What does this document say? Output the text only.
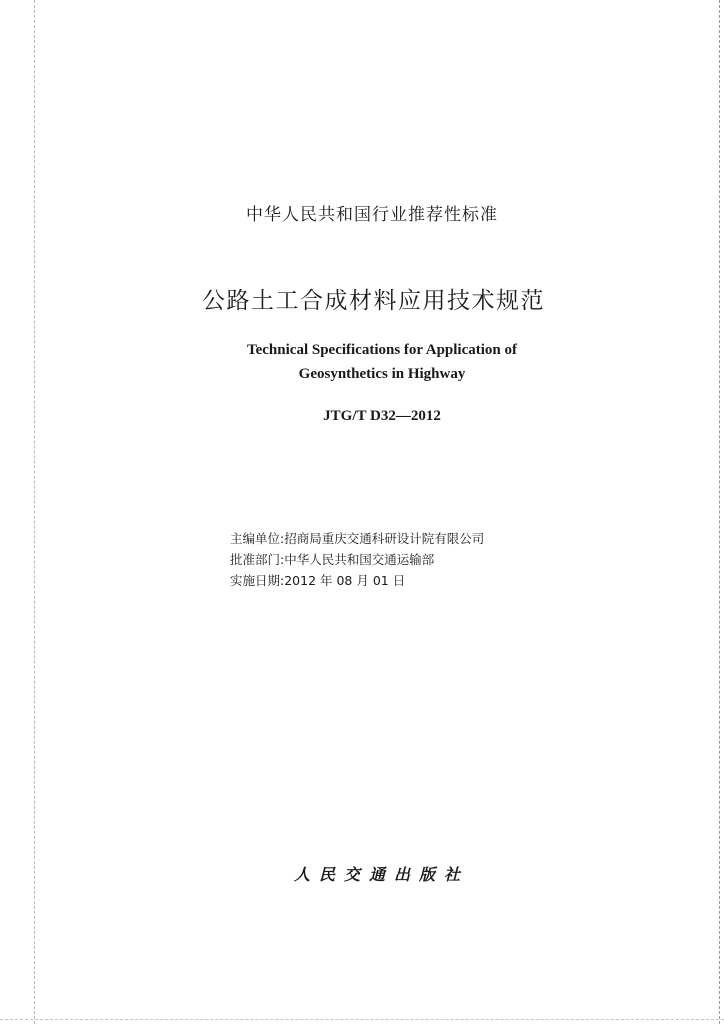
中华人民共和国行业推荐性标准
公路土工合成材料应用技术规范
Technical Specifications for Application of
Geosynthetics in Highway
JTG/T D32—2012
主编单位:招商局重庆交通科研设计院有限公司
批准部门:中华人民共和国交通运输部
实施日期:2012 年 08 月 01 日
人民交通出版社
